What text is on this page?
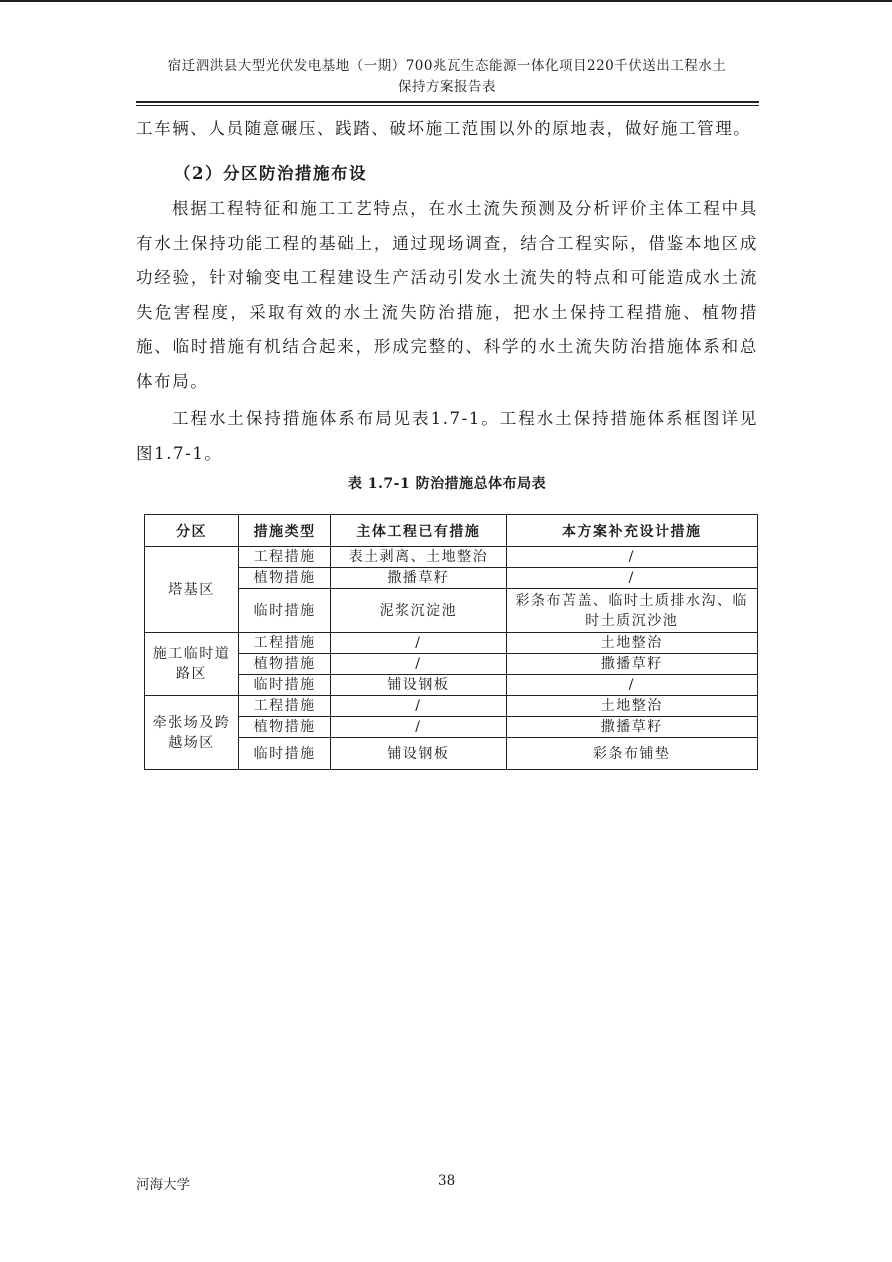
宿迁泗洪县大型光伏发电基地（一期）700兆瓦生态能源一体化项目220千伏送出工程水土
保持方案报告表
工车辆、人员随意碾压、践踏、破坏施工范围以外的原地表，做好施工管理。
（2）分区防治措施布设
根据工程特征和施工工艺特点，在水土流失预测及分析评价主体工程中具有水土保持功能工程的基础上，通过现场调查，结合工程实际，借鉴本地区成功经验，针对输变电工程建设生产活动引发水土流失的特点和可能造成水土流失危害程度，采取有效的水土流失防治措施，把水土保持工程措施、植物措施、临时措施有机结合起来，形成完整的、科学的水土流失防治措施体系和总体布局。
工程水土保持措施体系布局见表1.7-1。工程水土保持措施体系框图详见图1.7-1。
表 1.7-1 防治措施总体布局表
分区	措施类型	主体工程已有措施	本方案补充设计措施
塔基区	工程措施	表土剥离、土地整治	/
	植物措施	撒播草籽	/
	临时措施	泥浆沉淀池	彩条布苫盖、临时土质排水沟、临时土质沉沙池
施工临时道路区	工程措施	/	土地整治
	植物措施	/	撒播草籽
	临时措施	铺设钢板	/
牵张场及跨越场区	工程措施	/	土地整治
	植物措施	/	撒播草籽
	临时措施	铺设钢板	彩条布铺垫
河海大学	38
